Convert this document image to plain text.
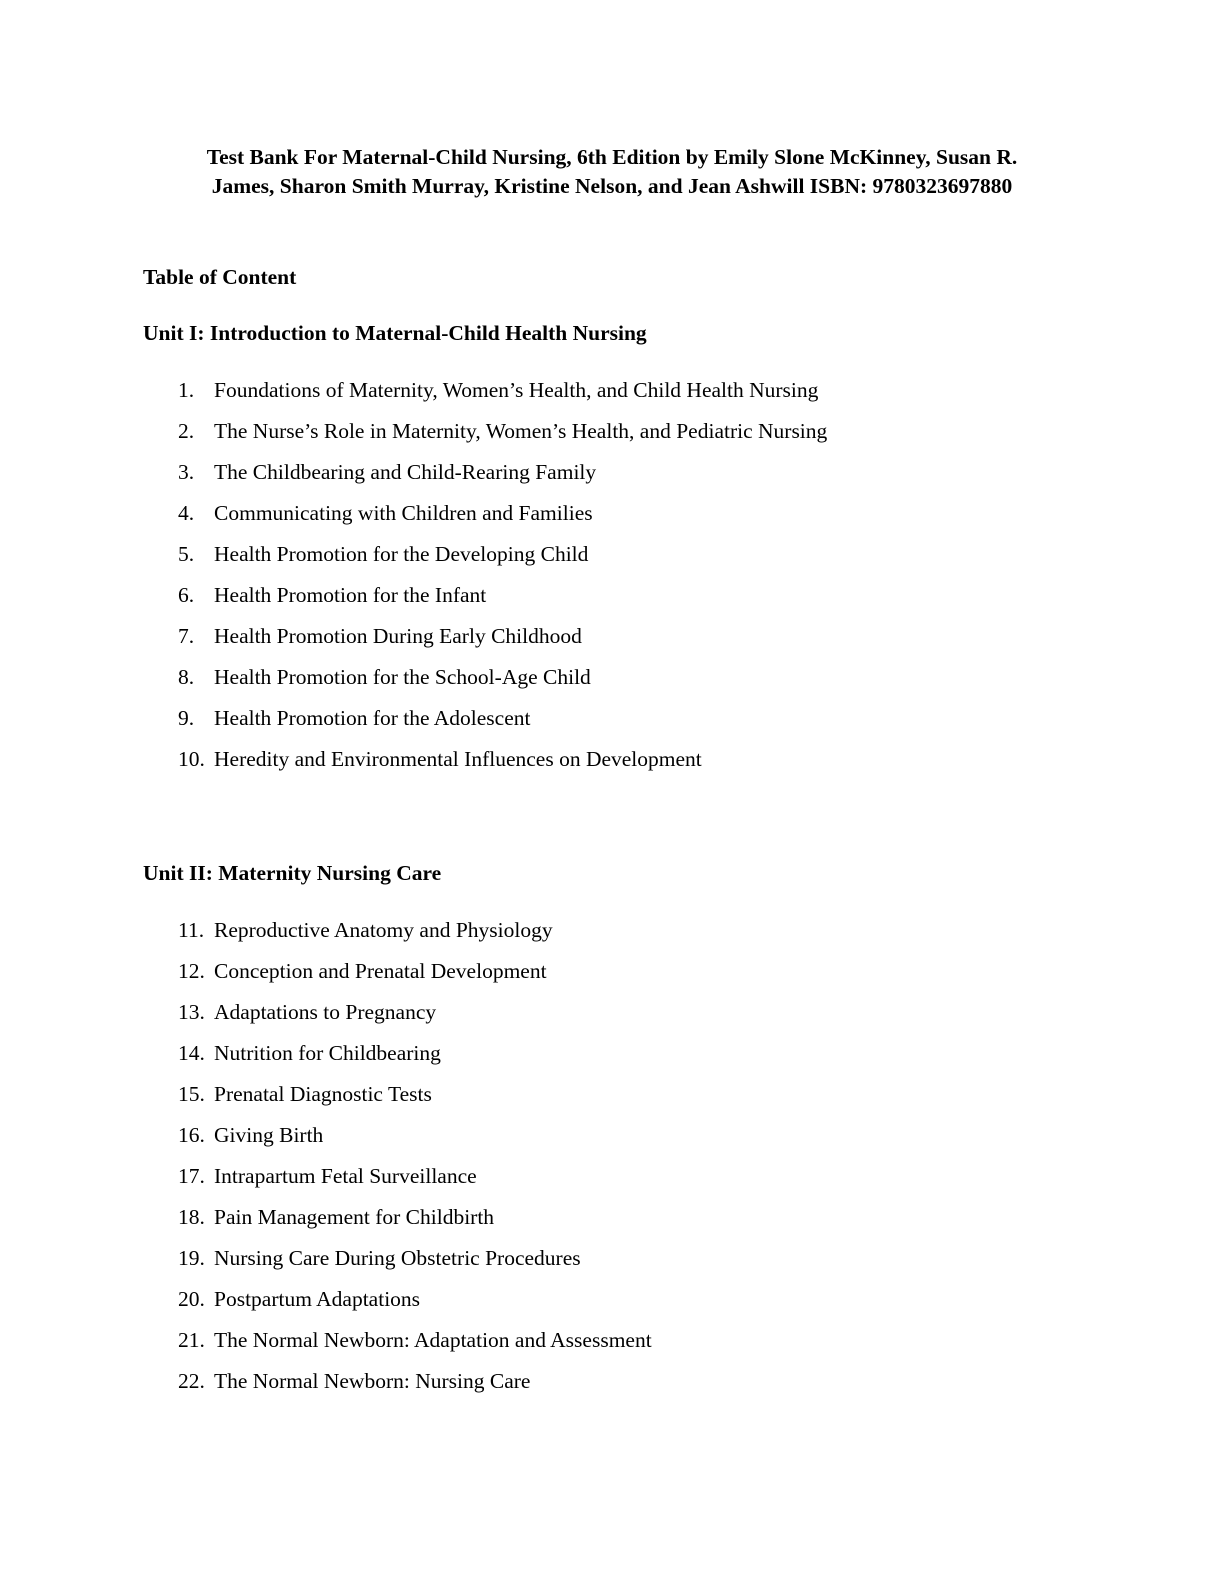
Test Bank For Maternal-Child Nursing, 6th Edition by Emily Slone McKinney, Susan R.
James, Sharon Smith Murray, Kristine Nelson, and Jean Ashwill ISBN: 9780323697880
Table of Content
Unit I: Introduction to Maternal-Child Health Nursing
1. Foundations of Maternity, Women’s Health, and Child Health Nursing
2. The Nurse’s Role in Maternity, Women’s Health, and Pediatric Nursing
3. The Childbearing and Child-Rearing Family
4. Communicating with Children and Families
5. Health Promotion for the Developing Child
6. Health Promotion for the Infant
7. Health Promotion During Early Childhood
8. Health Promotion for the School-Age Child
9. Health Promotion for the Adolescent
10. Heredity and Environmental Influences on Development
Unit II: Maternity Nursing Care
11. Reproductive Anatomy and Physiology
12. Conception and Prenatal Development
13. Adaptations to Pregnancy
14. Nutrition for Childbearing
15. Prenatal Diagnostic Tests
16. Giving Birth
17. Intrapartum Fetal Surveillance
18. Pain Management for Childbirth
19. Nursing Care During Obstetric Procedures
20. Postpartum Adaptations
21. The Normal Newborn: Adaptation and Assessment
22. The Normal Newborn: Nursing Care
